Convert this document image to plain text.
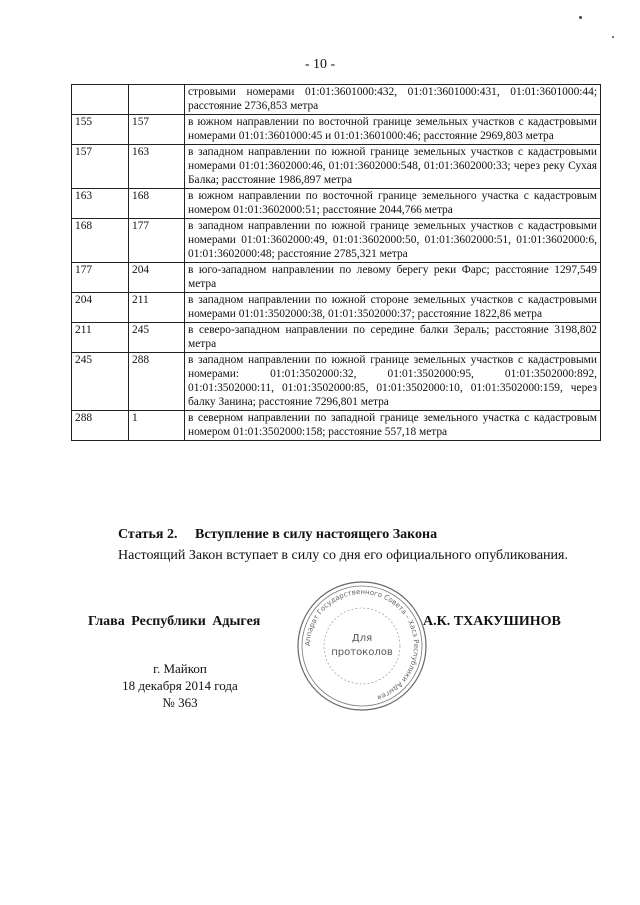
- 10 -
		стровыми номерами 01:01:3601000:432, 01:01:3601000:431, 01:01:3601000:44; расстояние 2736,853 метра
155	157	в южном направлении по восточной границе земельных участков с кадастровыми номерами 01:01:3601000:45 и 01:01:3601000:46; расстояние 2969,803 метра
157	163	в западном направлении по южной границе земельных участков с кадастровыми номерами 01:01:3602000:46, 01:01:3602000:548, 01:01:3602000:33; через реку Сухая Балка; расстояние 1986,897 метра
163	168	в южном направлении по восточной границе земельного участка с кадастровым номером 01:01:3602000:51; расстояние 2044,766 метра
168	177	в западном направлении по южной границе земельных участков с кадастровыми номерами 01:01:3602000:49, 01:01:3602000:50, 01:01:3602000:51, 01:01:3602000:6, 01:01:3602000:48; расстояние 2785,321 метра
177	204	в юго-западном направлении по левому берегу реки Фарс; расстояние 1297,549 метра
204	211	в западном направлении по южной стороне земельных участков с кадастровыми номерами 01:01:3502000:38, 01:01:3502000:37; расстояние 1822,86 метра
211	245	в северо-западном направлении по середине балки Зераль; расстояние 3198,802 метра
245	288	в западном направлении по южной границе земельных участков с кадастровыми номерами: 01:01:3502000:32, 01:01:3502000:95, 01:01:3502000:892, 01:01:3502000:11, 01:01:3502000:85, 01:01:3502000:10, 01:01:3502000:159, через балку Занина; расстояние 7296,801 метра
288	1	в северном направлении по западной границе земельного участка с кадастровым номером 01:01:3502000:158; расстояние 557,18 метра
Статья 2. Вступление в силу настоящего Закона
Настоящий Закон вступает в силу со дня его официального опубликования.
Глава Республики Адыгея	А.К. ТХАКУШИНОВ
Аппарат Государственного Совета – Хасэ Республики Адыгея
Для
протоколов
г. Майкоп
18 декабря 2014 года
№ 363
